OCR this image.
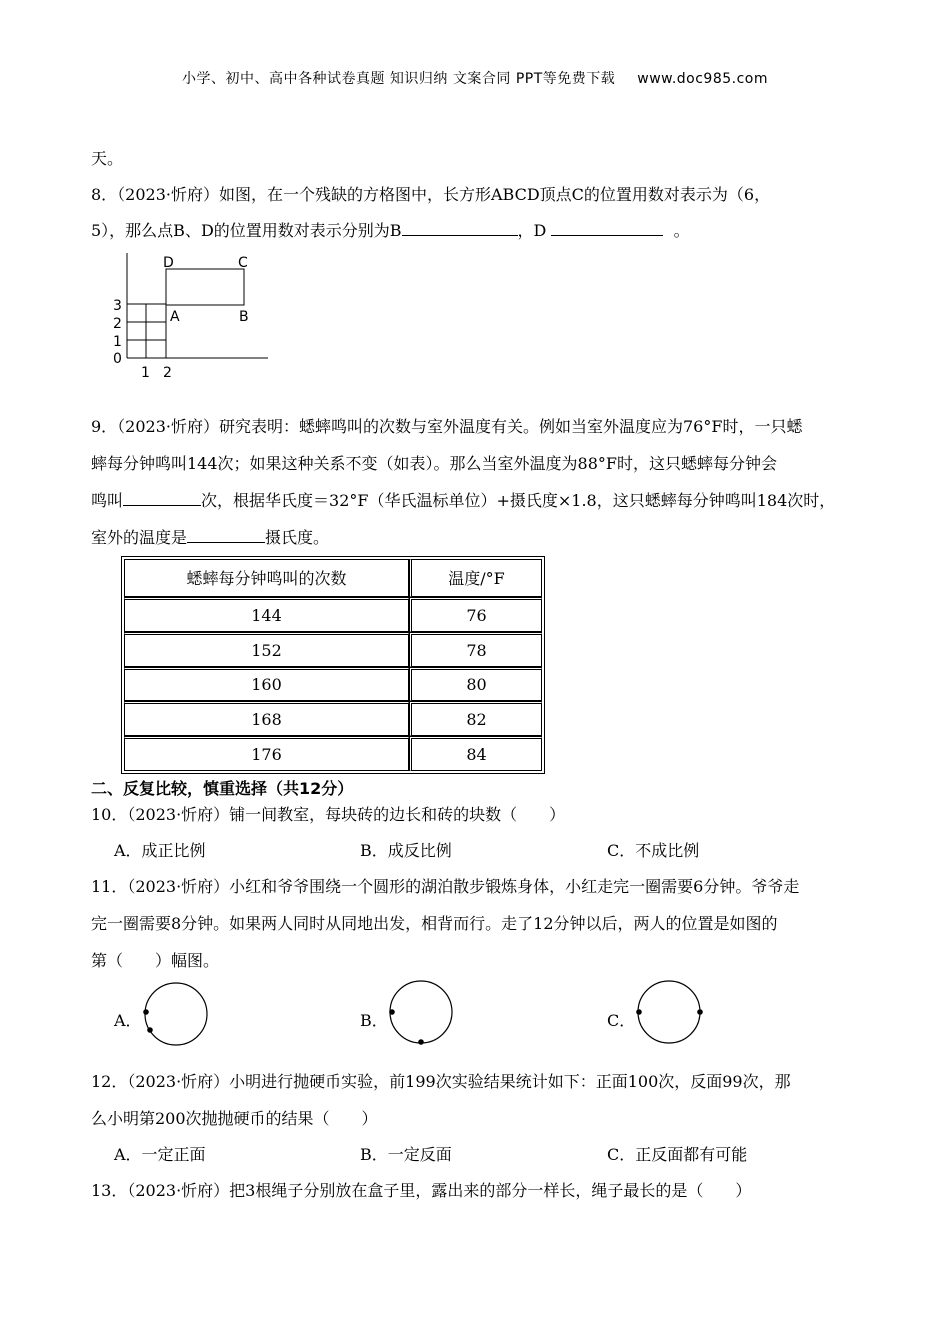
小学、初中、高中各种试卷真题 知识归纳 文案合同 PPT等免费下载 www.doc985.com
天。
8．（2023·忻府）如图，在一个残缺的方格图中，长方形ABCD顶点C的位置用数对表示为（6，
5），那么点B、D的位置用数对表示分别为B	，D	。
3
2
1
0
1 2
D	C
A	B
9．（2023·忻府）研究表明：蟋蟀鸣叫的次数与室外温度有关。例如当室外温度应为76°F时，一只蟋
蟀每分钟鸣叫144次；如果这种关系不变（如表）。那么当室外温度为88°F时，这只蟋蟀每分钟会
鸣叫	次，根据华氏度＝32°F（华氏温标单位）+摄氏度×1.8，这只蟋蟀每分钟鸣叫184次时，
室外的温度是	摄氏度。
蟋蟀每分钟鸣叫的次数	温度/°F
144	76
152	78
160	80
168	82
176	84
二、反复比较，慎重选择（共12分）
10．（2023·忻府）铺一间教室，每块砖的边长和砖的块数（　　）
A．成正比例	B．成反比例	C．不成比例
11．（2023·忻府）小红和爷爷围绕一个圆形的湖泊散步锻炼身体，小红走完一圈需要6分钟。爷爷走
完一圈需要8分钟。如果两人同时从同地出发，相背而行。走了12分钟以后，两人的位置是如图的
第（　　）幅图。
A．	B．	C．
12．（2023·忻府）小明进行抛硬币实验，前199次实验结果统计如下：正面100次，反面99次，那
么小明第200次抛抛硬币的结果（　　）
A．一定正面	B．一定反面	C．正反面都有可能
13．（2023·忻府）把3根绳子分别放在盒子里，露出来的部分一样长，绳子最长的是（　　）
